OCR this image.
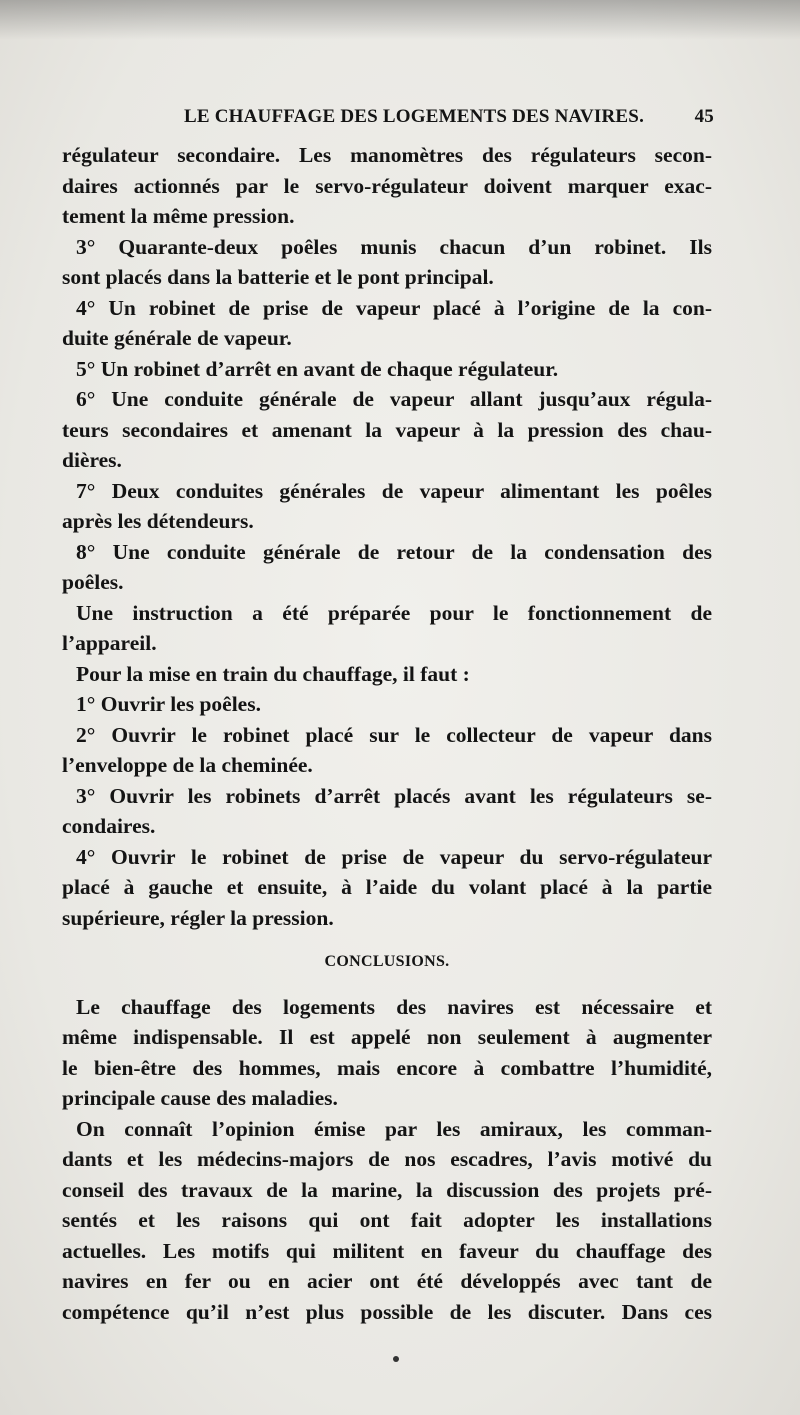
LE CHAUFFAGE DES LOGEMENTS DES NAVIRES.	45
régulateur secondaire. Les manomètres des régulateurs secon-
daires actionnés par le servo-régulateur doivent marquer exac-
tement la même pression.
3° Quarante-deux poêles munis chacun d’un robinet. Ils
sont placés dans la batterie et le pont principal.
4° Un robinet de prise de vapeur placé à l’origine de la con-
duite générale de vapeur.
5° Un robinet d’arrêt en avant de chaque régulateur.
6° Une conduite générale de vapeur allant jusqu’aux régula-
teurs secondaires et amenant la vapeur à la pression des chau-
dières.
7° Deux conduites générales de vapeur alimentant les poêles
après les détendeurs.
8° Une conduite générale de retour de la condensation des
poêles.
Une instruction a été préparée pour le fonctionnement de
l’appareil.
Pour la mise en train du chauffage, il faut :
1° Ouvrir les poêles.
2° Ouvrir le robinet placé sur le collecteur de vapeur dans
l’enveloppe de la cheminée.
3° Ouvrir les robinets d’arrêt placés avant les régulateurs se-
condaires.
4° Ouvrir le robinet de prise de vapeur du servo-régulateur
placé à gauche et ensuite, à l’aide du volant placé à la partie
supérieure, régler la pression.
CONCLUSIONS.
Le chauffage des logements des navires est nécessaire et
même indispensable. Il est appelé non seulement à augmenter
le bien-être des hommes, mais encore à combattre l’humidité,
principale cause des maladies.
On connaît l’opinion émise par les amiraux, les comman-
dants et les médecins-majors de nos escadres, l’avis motivé du
conseil des travaux de la marine, la discussion des projets pré-
sentés et les raisons qui ont fait adopter les installations
actuelles. Les motifs qui militent en faveur du chauffage des
navires en fer ou en acier ont été développés avec tant de
compétence qu’il n’est plus possible de les discuter. Dans ces
